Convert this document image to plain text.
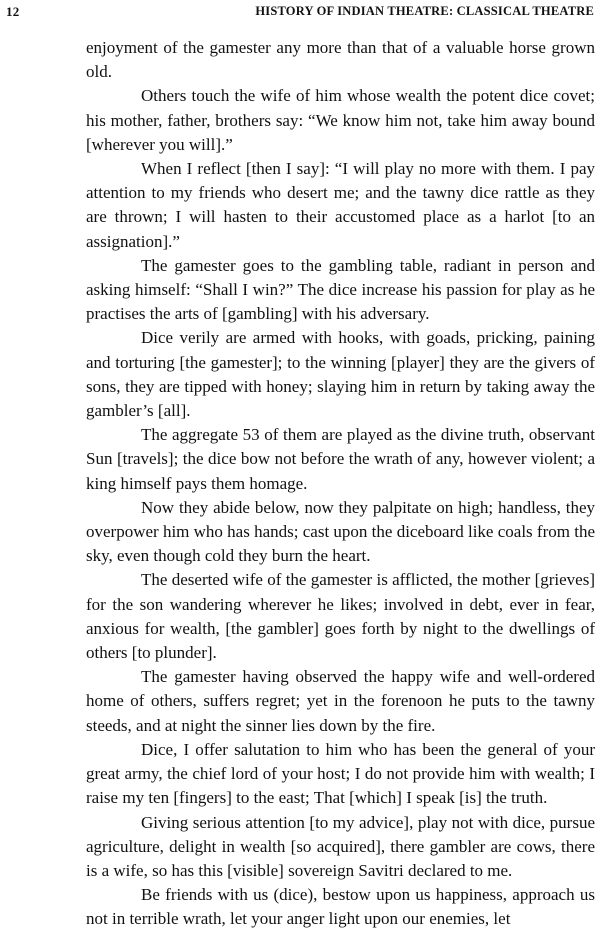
12	HISTORY OF INDIAN THEATRE: CLASSICAL THEATRE

enjoyment of the gamester any more than that of a valuable horse grown old.

Others touch the wife of him whose wealth the potent dice covet; his mother, father, brothers say: “We know him not, take him away bound [wherever you will].”

When I reflect [then I say]: “I will play no more with them. I pay attention to my friends who desert me; and the tawny dice rattle as they are thrown; I will hasten to their accustomed place as a harlot [to an assignation].”

The gamester goes to the gambling table, radiant in person and asking himself: “Shall I win?” The dice increase his passion for play as he practises the arts of [gambling] with his adversary.

Dice verily are armed with hooks, with goads, pricking, paining and torturing [the gamester]; to the winning [player] they are the givers of sons, they are tipped with honey; slaying him in return by taking away the gambler’s [all].

The aggregate 53 of them are played as the divine truth, observant Sun [travels]; the dice bow not before the wrath of any, however violent; a king himself pays them homage.

Now they abide below, now they palpitate on high; handless, they overpower him who has hands; cast upon the diceboard like coals from the sky, even though cold they burn the heart.

The deserted wife of the gamester is afflicted, the mother [grieves] for the son wandering wherever he likes; involved in debt, ever in fear, anxious for wealth, [the gambler] goes forth by night to the dwellings of others [to plunder].

The gamester having observed the happy wife and well-ordered home of others, suffers regret; yet in the forenoon he puts to the tawny steeds, and at night the sinner lies down by the fire.

Dice, I offer salutation to him who has been the general of your great army, the chief lord of your host; I do not provide him with wealth; I raise my ten [fingers] to the east; That [which] I speak [is] the truth.

Giving serious attention [to my advice], play not with dice, pursue agriculture, delight in wealth [so acquired], there gambler are cows, there is a wife, so has this [visible] sovereign Savitri declared to me.

Be friends with us (dice), bestow upon us happiness, approach us not in terrible wrath, let your anger light upon our enemies, let
